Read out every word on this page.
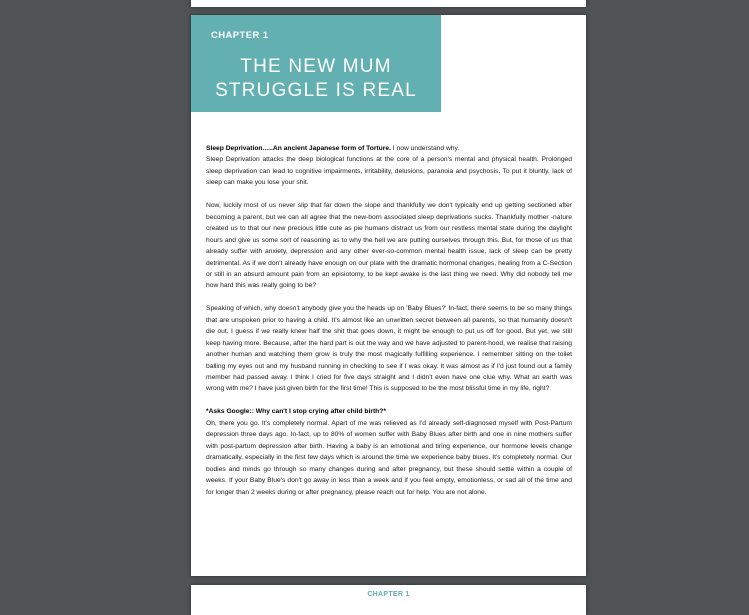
CHAPTER 1
THE NEW MUM
STRUGGLE IS REAL

Sleep Deprivation…..An ancient Japanese form of Torture. I now understand why.
Sleep Deprivation attacks the deep biological functions at the core of a person's mental and physical health. Prolonged sleep deprivation can lead to cognitive impairments, irritability, delusions, paranoia and psychosis. To put it bluntly, lack of sleep can make you lose your shit.

Now, luckily most of us never slip that far down the slope and thankfully we don't typically end up getting sectioned after becoming a parent, but we can all agree that the new-born associated sleep deprivations sucks. Thankfully mother -nature created us to that our new precious little cute as pie humans distract us from our restless mental state during the daylight hours and give us some sort of reasoning as to why the hell we are putting ourselves through this. But, for those of us that already suffer with anxiety, depression and any other ever-so-common mental health issue, lack of sleep can be pretty detrimental. As if we don't already have enough on our plate with the dramatic hormonal changes, healing from a C-Section or still in an absurd amount pain from an episiotomy, to be kept awake is the last thing we need. Why did nobody tell me how hard this was really going to be?

Speaking of which, why doesn't anybody give you the heads up on 'Baby Blues?' In-fact, there seems to be so many things that are unspoken prior to having a child. It's almost like an unwritten secret between all parents, so that humanity doesn't die out. I guess if we really knew half the shit that goes down, it might be enough to put us off for good. But yet, we still keep having more. Because, after the hard part is out the way and we have adjusted to parent-hood, we realise that raising another human and watching them grow is truly the most magically fulfilling experience. I remember sitting on the toilet balling my eyes out and my husband running in checking to see if I was okay. It was almost as if I'd just found out a family member had passed away. I think I cried for five days straight and I didn't even have one clue why. What an earth was wrong with me? I have just given birth for the first time! This is supposed to be the most blissful time in my life, right?

*Asks Google:: Why can't I stop crying after child birth?*
Oh, there you go. It's completely normal. Apart of me was relieved as I'd already self-diagnosed myself with Post-Partum depression three days ago. In-fact, up to 80% of women suffer with Baby Blues after birth and one in nine mothers suffer with post-partum depression after birth. Having a baby is an emotional and tiring experience, our hormone levels change dramatically, especially in the first few days which is around the time we experience baby blues. It's completely normal. Our bodies and minds go through so many changes during and after pregnancy, but these should settle within a couple of weeks. If your Baby Blue's don't go away in less than a week and if you feel empty, emotionless, or sad all of the time and for longer than 2 weeks during or after pregnancy, please reach out for help. You are not alone.

CHAPTER 1
